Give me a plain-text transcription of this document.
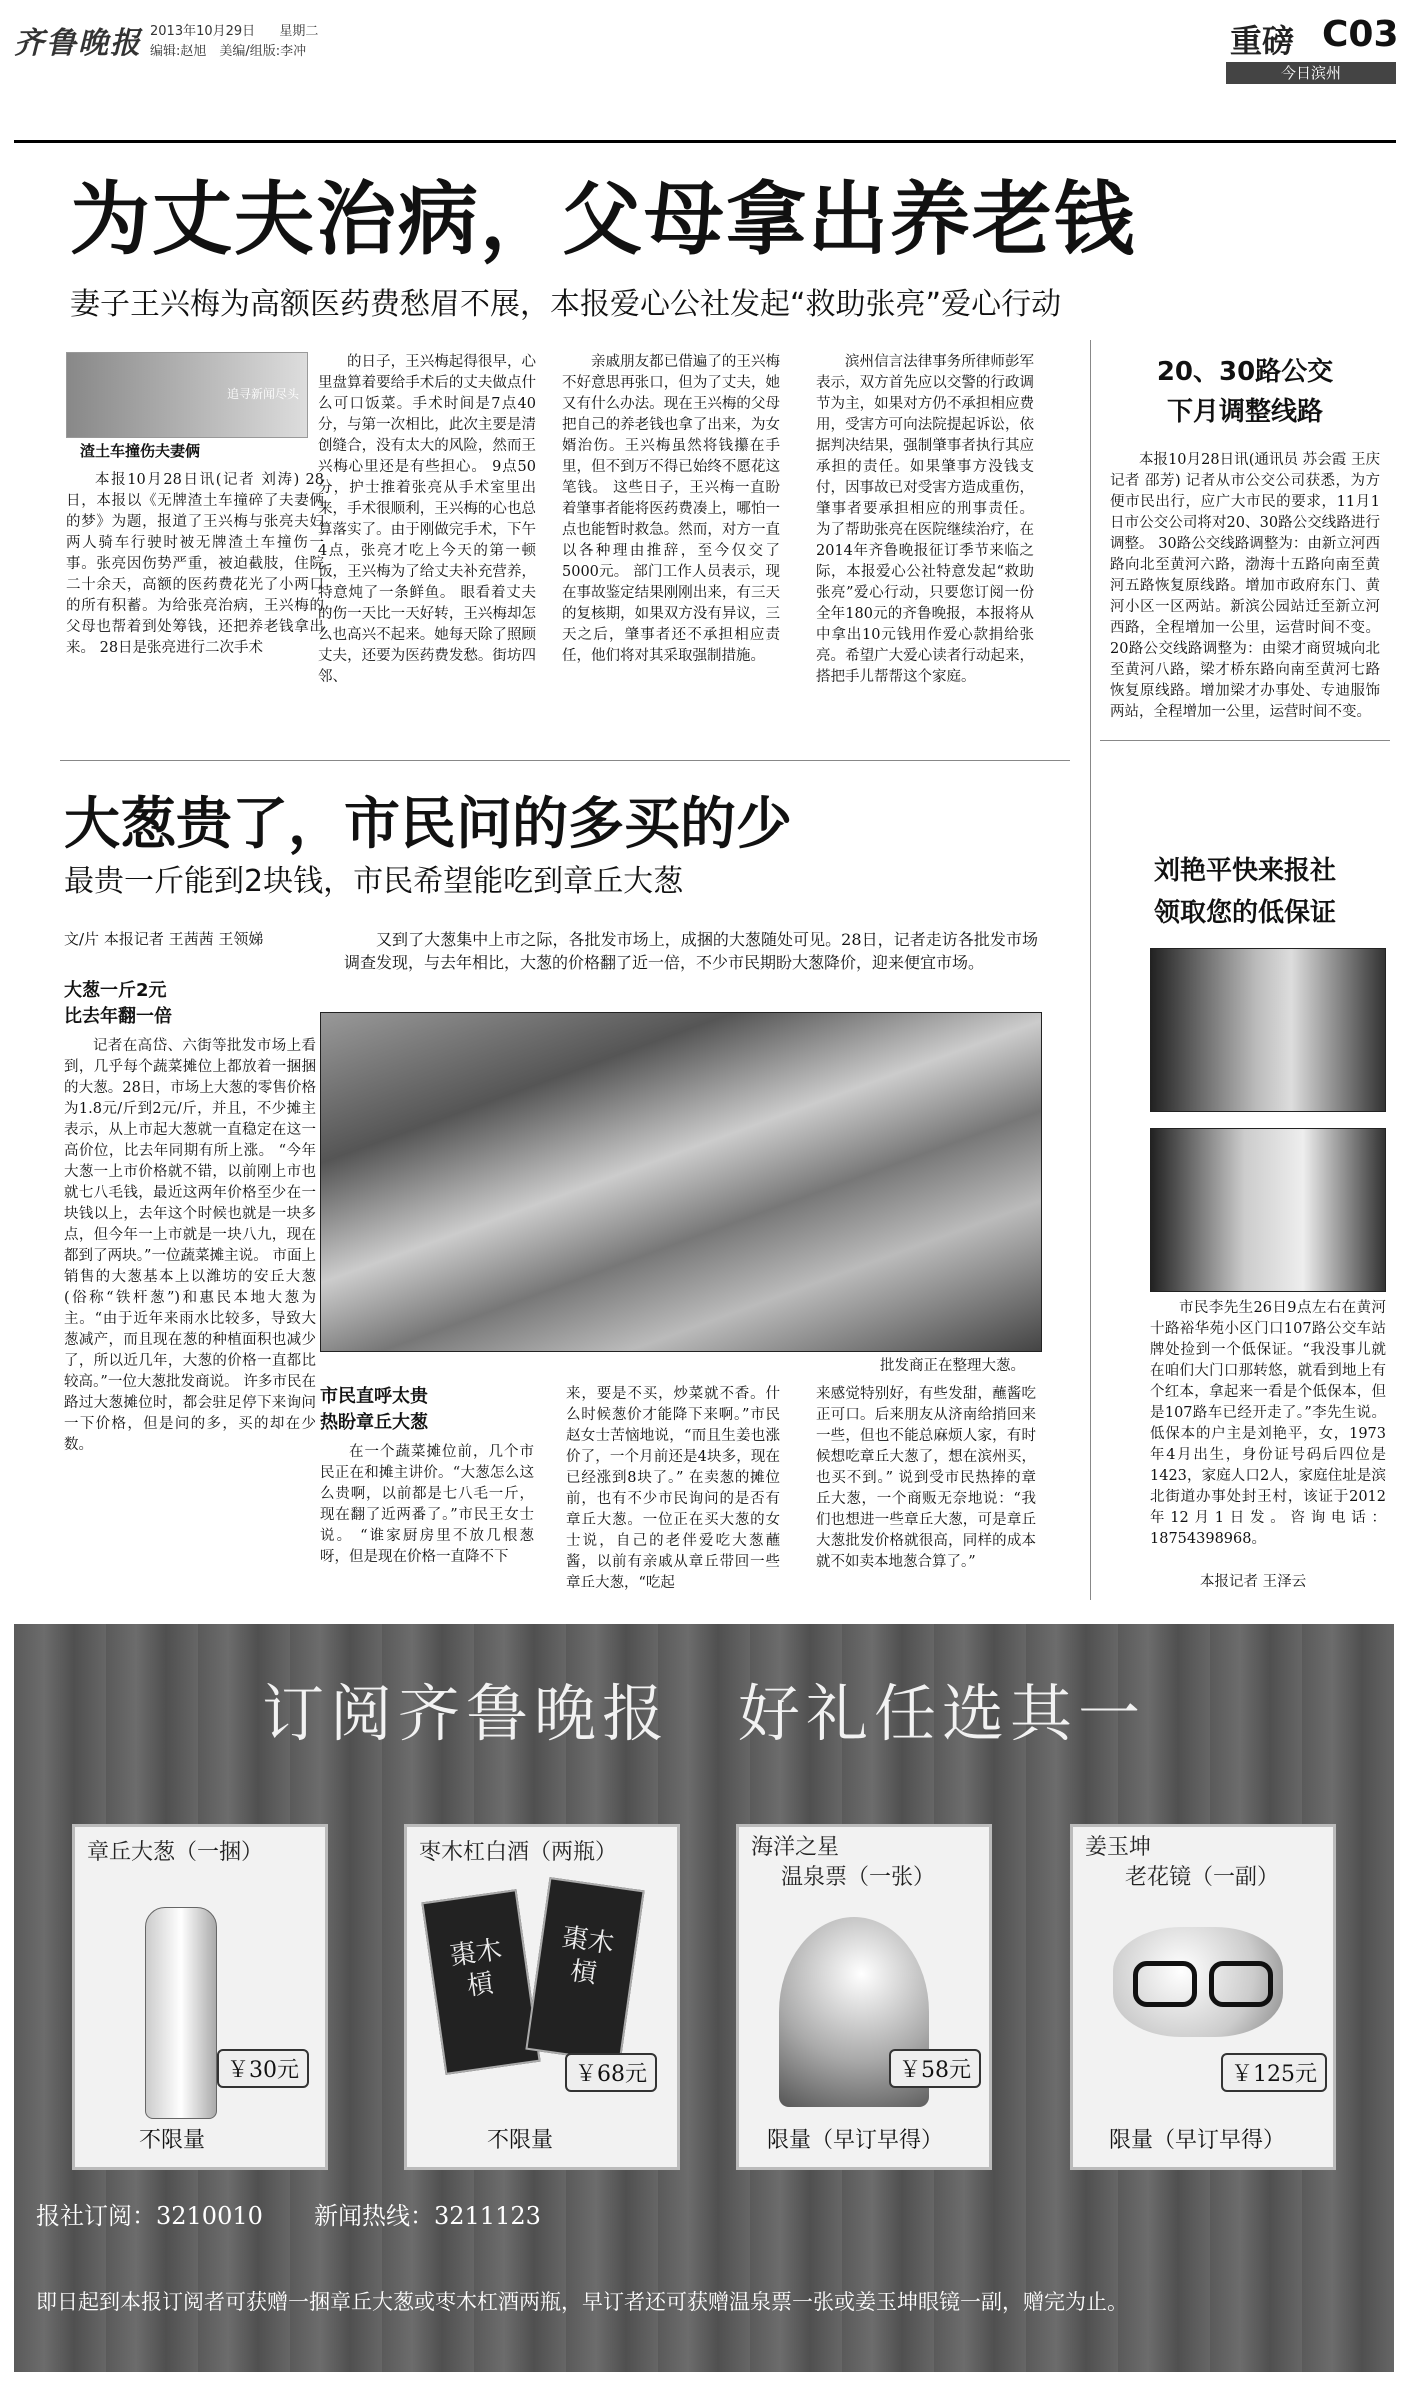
齐鲁晚报 2013年10月29日 星期二
编辑:赵旭　美编/组版:李冲	重磅 C03
今日滨州
为丈夫治病，父母拿出养老钱
妻子王兴梅为高额医药费愁眉不展，本报爱心公社发起“救助张亮”爱心行动
追寻新闻尽头
渣土车撞伤夫妻俩

本报10月28日讯(记者 刘涛) 28日，本报以《无牌渣土车撞碎了夫妻俩的梦》为题，报道了王兴梅与张亮夫妇两人骑车行驶时被无牌渣土车撞伤一事。张亮因伤势严重，被迫截肢，住院二十余天，高额的医药费花光了小两口的所有积蓄。为给张亮治病，王兴梅的父母也帮着到处筹钱，还把养老钱拿出来。 28日是张亮进行二次手术

的日子，王兴梅起得很早，心里盘算着要给手术后的丈夫做点什么可口饭菜。手术时间是7点40分，与第一次相比，此次主要是清创缝合，没有太大的风险，然而王兴梅心里还是有些担心。 9点50分，护士推着张亮从手术室里出来，手术很顺利，王兴梅的心也总算落实了。由于刚做完手术，下午4点，张亮才吃上今天的第一顿饭，王兴梅为了给丈夫补充营养，特意炖了一条鲜鱼。 眼看着丈夫的伤一天比一天好转，王兴梅却怎么也高兴不起来。她每天除了照顾丈夫，还要为医药费发愁。街坊四邻、

亲戚朋友都已借遍了的王兴梅不好意思再张口，但为了丈夫，她又有什么办法。现在王兴梅的父母把自己的养老钱也拿了出来，为女婿治伤。王兴梅虽然将钱攥在手里，但不到万不得已始终不愿花这笔钱。 这些日子，王兴梅一直盼着肇事者能将医药费凑上，哪怕一点也能暂时救急。然而，对方一直以各种理由推辞，至今仅交了5000元。 部门工作人员表示，现在事故鉴定结果刚刚出来，有三天的复核期，如果双方没有异议，三天之后，肇事者还不承担相应责任，他们将对其采取强制措施。

滨州信言法律事务所律师彭军表示，双方首先应以交警的行政调节为主，如果对方仍不承担相应费用，受害方可向法院提起诉讼，依据判决结果，强制肇事者执行其应承担的责任。如果肇事方没钱支付，因事故已对受害方造成重伤，肇事者要承担相应的刑事责任。 为了帮助张亮在医院继续治疗，在2014年齐鲁晚报征订季节来临之际，本报爱心公社特意发起“救助张亮”爱心行动，只要您订阅一份全年180元的齐鲁晚报，本报将从中拿出10元钱用作爱心款捐给张亮。希望广大爱心读者行动起来，搭把手儿帮帮这个家庭。

20、30路公交
下月调整线路

本报10月28日讯(通讯员 苏会霞 王庆 记者 邵芳) 记者从市公交公司获悉，为方便市民出行，应广大市民的要求，11月1日市公交公司将对20、30路公交线路进行调整。 30路公交线路调整为：由新立河西路向北至黄河六路，渤海十五路向南至黄河五路恢复原线路。增加市政府东门、黄河小区一区两站。新滨公园站迁至新立河西路，全程增加一公里，运营时间不变。 20路公交线路调整为：由梁才商贸城向北至黄河八路，梁才桥东路向南至黄河七路恢复原线路。增加梁才办事处、专迪服饰两站，全程增加一公里，运营时间不变。

刘艳平快来报社
领取您的低保证

市民李先生26日9点左右在黄河十路裕华苑小区门口107路公交车站牌处捡到一个低保证。“我没事儿就在咱们大门口那转悠，就看到地上有个红本，拿起来一看是个低保本，但是107路车已经开走了。”李先生说。 低保本的户主是刘艳平，女，1973年4月出生，身份证号码后四位是1423，家庭人口2人，家庭住址是滨北街道办事处封王村，该证于2012年12月1日发。咨询电话：18754398968。

本报记者 王泽云
大葱贵了，市民问的多买的少
最贵一斤能到2块钱，市民希望能吃到章丘大葱
文/片 本报记者 王茜茜 王领娣	又到了大葱集中上市之际，各批发市场上，成捆的大葱随处可见。28日，记者走访各批发市场调查发现，与去年相比，大葱的价格翻了近一倍，不少市民期盼大葱降价，迎来便宜市场。

大葱一斤2元
比去年翻一倍

记者在高岱、六街等批发市场上看到，几乎每个蔬菜摊位上都放着一捆捆的大葱。28日，市场上大葱的零售价格为1.8元/斤到2元/斤，并且，不少摊主表示，从上市起大葱就一直稳定在这一高价位，比去年同期有所上涨。 “今年大葱一上市价格就不错，以前刚上市也就七八毛钱，最近这两年价格至少在一块钱以上，去年这个时候也就是一块多点，但今年一上市就是一块八九，现在都到了两块。”一位蔬菜摊主说。 市面上销售的大葱基本上以潍坊的安丘大葱(俗称“铁杆葱”)和惠民本地大葱为主。“由于近年来雨水比较多，导致大葱减产，而且现在葱的种植面积也减少了，所以近几年，大葱的价格一直都比较高。”一位大葱批发商说。 许多市民在路过大葱摊位时，都会驻足停下来询问一下价格，但是问的多，买的却在少数。

批发商正在整理大葱。
市民直呼太贵
热盼章丘大葱

在一个蔬菜摊位前，几个市民正在和摊主讲价。“大葱怎么这么贵啊，以前都是七八毛一斤，现在翻了近两番了。”市民王女士说。 “谁家厨房里不放几根葱呀，但是现在价格一直降不下

来，要是不买，炒菜就不香。什么时候葱价才能降下来啊。”市民赵女士苦恼地说，“而且生姜也涨价了，一个月前还是4块多，现在已经涨到8块了。” 在卖葱的摊位前，也有不少市民询问的是否有章丘大葱。一位正在买大葱的女士说，自己的老伴爱吃大葱蘸酱，以前有亲戚从章丘带回一些章丘大葱，“吃起

来感觉特别好，有些发甜，蘸酱吃正可口。后来朋友从济南给捎回来一些，但也不能总麻烦人家，有时候想吃章丘大葱了，想在滨州买，也买不到。” 说到受市民热捧的章丘大葱，一个商贩无奈地说：“我们也想进一些章丘大葱，可是章丘大葱批发价格就很高，同样的成本就不如卖本地葱合算了。”

订阅齐鲁晚报　好礼任选其一
章丘大葱（一捆）
￥30元
不限量
枣木杠白酒（两瓶）
棗木槓
棗木槓
￥68元
不限量
海洋之星
温泉票（一张）
￥58元
限量（早订早得）
姜玉坤
老花镜（一副）
￥125元
限量（早订早得）
报社订阅：3210010 新闻热线：3211123
即日起到本报订阅者可获赠一捆章丘大葱或枣木杠酒两瓶，早订者还可获赠温泉票一张或姜玉坤眼镜一副，赠完为止。
